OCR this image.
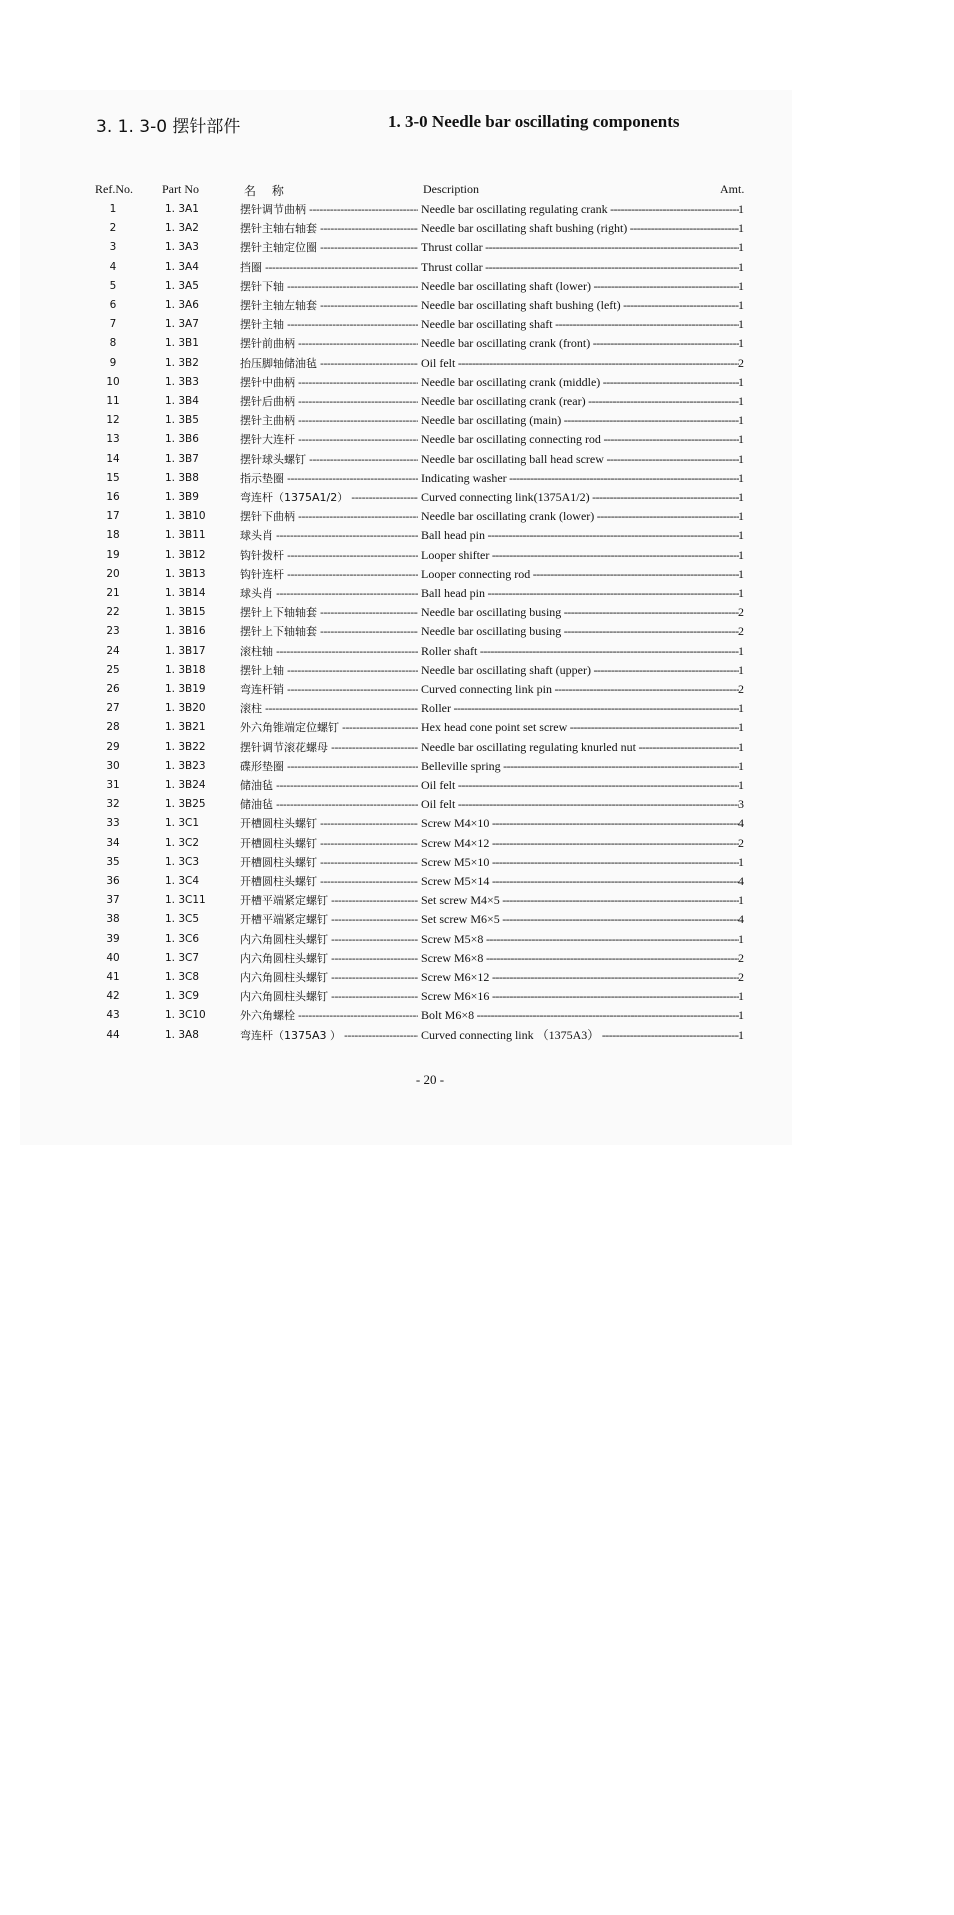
3. 1. 3-0 摆针部件	1. 3-0 Needle bar oscillating components
Ref.No. Part No	名 称	Description	Amt.
1	1. 3A1	摆针调节曲柄 -----	Needle bar oscillating regulating crank -----	1
2	1. 3A2	摆针主轴右轴套 -----	Needle bar oscillating shaft bushing (right) -----	1
3	1. 3A3	摆针主轴定位圈 -----	Thrust collar -----	1
4	1. 3A4	挡圈 -----	Thrust collar -----	1
5	1. 3A5	摆针下轴 -----	Needle bar oscillating shaft (lower) -----	1
6	1. 3A6	摆针主轴左轴套 -----	Needle bar oscillating shaft bushing (left) -----	1
7	1. 3A7	摆针主轴 -----	Needle bar oscillating shaft -----	1
8	1. 3B1	摆针前曲柄 -----	Needle bar oscillating crank (front) -----	1
9	1. 3B2	抬压脚轴储油毡 -----	Oil felt -----	2
10	1. 3B3	摆针中曲柄 -----	Needle bar oscillating crank (middle) -----	1
11	1. 3B4	摆针后曲柄 -----	Needle bar oscillating crank (rear) -----	1
12	1. 3B5	摆针主曲柄 -----	Needle bar oscillating (main) -----	1
13	1. 3B6	摆针大连杆 -----	Needle bar oscillating connecting rod -----	1
14	1. 3B7	摆针球头螺钉 -----	Needle bar oscillating ball head screw -----	1
15	1. 3B8	指示垫圈 -----	Indicating washer -----	1
16	1. 3B9	弯连杆（1375A1/2） -----	Curved connecting link(1375A1/2) -----	1
17	1. 3B10	摆针下曲柄 -----	Needle bar oscillating crank (lower) -----	1
18	1. 3B11	球头肖 -----	Ball head pin -----	1
19	1. 3B12	钩针拨杆 -----	Looper shifter -----	1
20	1. 3B13	钩针连杆 -----	Looper connecting rod -----	1
21	1. 3B14	球头肖 -----	Ball head pin -----	1
22	1. 3B15	摆针上下轴轴套 -----	Needle bar oscillating busing -----	2
23	1. 3B16	摆针上下轴轴套 -----	Needle bar oscillating busing -----	2
24	1. 3B17	滚柱轴 -----	Roller shaft -----	1
25	1. 3B18	摆针上轴 -----	Needle bar oscillating shaft (upper) -----	1
26	1. 3B19	弯连杆销 -----	Curved connecting link pin -----	2
27	1. 3B20	滚柱 -----	Roller -----	1
28	1. 3B21	外六角锥端定位螺钉 -----	Hex head cone point set screw -----	1
29	1. 3B22	摆针调节滚花螺母 -----	Needle bar oscillating regulating knurled nut -----	1
30	1. 3B23	碟形垫圈 -----	Belleville spring -----	1
31	1. 3B24	储油毡 -----	Oil felt -----	1
32	1. 3B25	储油毡 -----	Oil felt -----	3
33	1. 3C1	开槽圆柱头螺钉 -----	Screw M4×10 -----	4
34	1. 3C2	开槽圆柱头螺钉 -----	Screw M4×12 -----	2
35	1. 3C3	开槽圆柱头螺钉 -----	Screw M5×10 -----	1
36	1. 3C4	开槽圆柱头螺钉 -----	Screw M5×14 -----	4
37	1. 3C11	开槽平端紧定螺钉 -----	Set screw M4×5 -----	1
38	1. 3C5	开槽平端紧定螺钉 -----	Set screw M6×5 -----	4
39	1. 3C6	内六角圆柱头螺钉 -----	Screw M5×8 -----	1
40	1. 3C7	内六角圆柱头螺钉 -----	Screw M6×8 -----	2
41	1. 3C8	内六角圆柱头螺钉 -----	Screw M6×12 -----	2
42	1. 3C9	内六角圆柱头螺钉 -----	Screw M6×16 -----	1
43	1. 3C10	外六角螺栓 -----	Bolt M6×8 -----	1
44	1. 3A8	弯连杆（1375A3 ） -----	Curved connecting link （1375A3） -----	1
- 20 -
